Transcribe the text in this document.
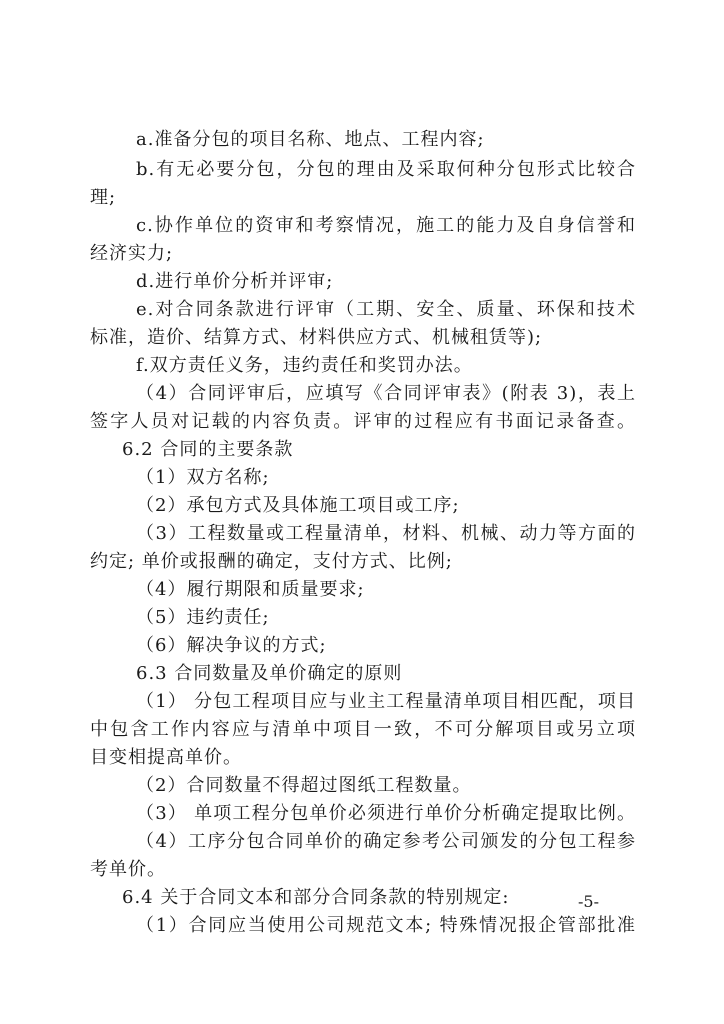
a.准备分包的项目名称、地点、工程内容;
b.有无必要分包，分包的理由及采取何种分包形式比较合
理;
c.协作单位的资审和考察情况，施工的能力及自身信誉和
经济实力;
d.进行单价分析并评审;
e.对合同条款进行评审（工期、安全、质量、环保和技术
标准，造价、结算方式、材料供应方式、机械租赁等);
f.双方责任义务，违约责任和奖罚办法。
（4）合同评审后，应填写《合同评审表》(附表 3)，表上
签字人员对记载的内容负责。评审的过程应有书面记录备查。
6.2 合同的主要条款
（1）双方名称;
（2）承包方式及具体施工项目或工序;
（3）工程数量或工程量清单，材料、机械、动力等方面的
约定; 单价或报酬的确定，支付方式、比例;
（4）履行期限和质量要求;
（5）违约责任;
（6）解决争议的方式;
6.3 合同数量及单价确定的原则
（1） 分包工程项目应与业主工程量清单项目相匹配，项目
中包含工作内容应与清单中项目一致，不可分解项目或另立项
目变相提高单价。
（2）合同数量不得超过图纸工程数量。
（3） 单项工程分包单价必须进行单价分析确定提取比例。
（4）工序分包合同单价的确定参考公司颁发的分包工程参
考单价。
6.4 关于合同文本和部分合同条款的特别规定:
（1）合同应当使用公司规范文本; 特殊情况报企管部批准
-5-
